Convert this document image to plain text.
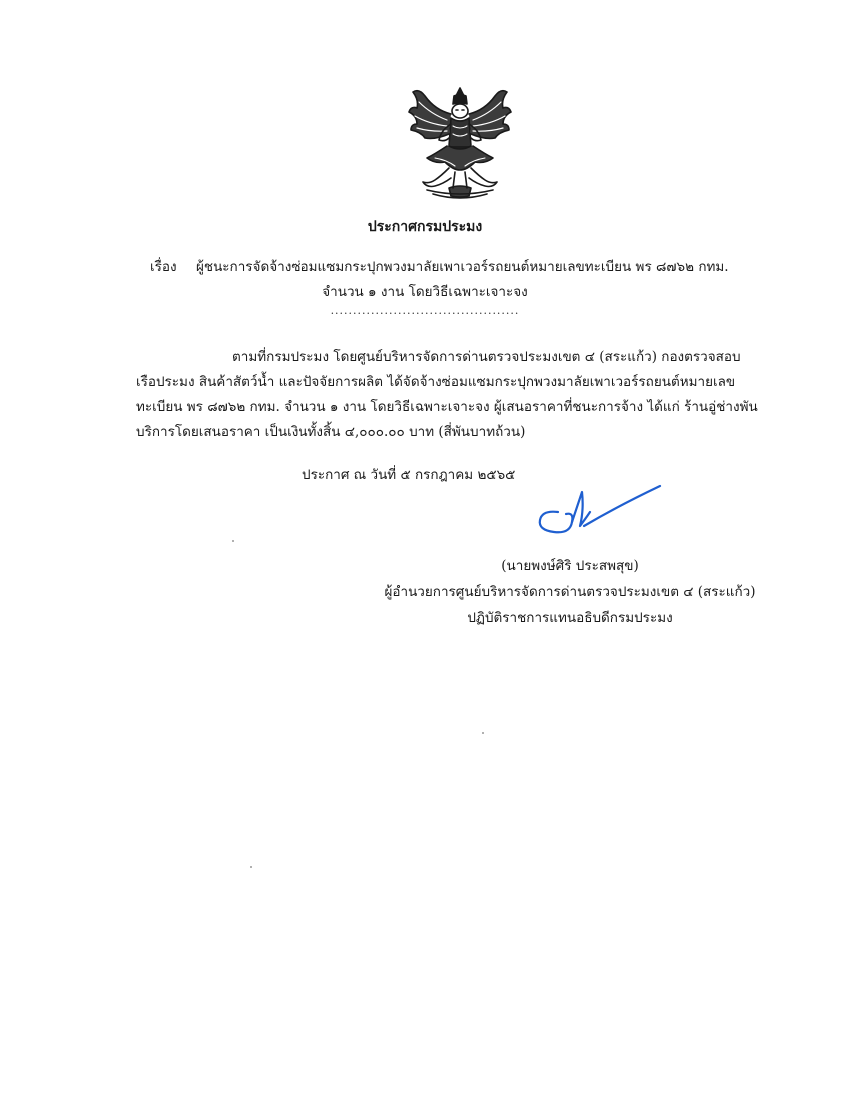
ประกาศกรมประมง
เรื่อง ผู้ชนะการจัดจ้างซ่อมแซมกระปุกพวงมาลัยเพาเวอร์รถยนต์หมายเลขทะเบียน พร ๘๗๖๒ กทม.
จำนวน ๑ งาน โดยวิธีเฉพาะเจาะจง
..........................................
ตามที่กรมประมง โดยศูนย์บริหารจัดการด่านตรวจประมงเขต ๔ (สระแก้ว) กองตรวจสอบ
เรือประมง สินค้าสัตว์น้ำ และปัจจัยการผลิต ได้จัดจ้างซ่อมแซมกระปุกพวงมาลัยเพาเวอร์รถยนต์หมายเลข
ทะเบียน พร ๘๗๖๒ กทม. จำนวน ๑ งาน โดยวิธีเฉพาะเจาะจง ผู้เสนอราคาที่ชนะการจ้าง ได้แก่ ร้านอู่ช่างพัน
บริการโดยเสนอราคา เป็นเงินทั้งสิ้น ๔,๐๐๐.๐๐ บาท (สี่พันบาทถ้วน)
ประกาศ ณ วันที่ ๕ กรกฎาคม ๒๕๖๕
(นายพงษ์ศิริ ประสพสุข)
ผู้อำนวยการศูนย์บริหารจัดการด่านตรวจประมงเขต ๔ (สระแก้ว)
ปฏิบัติราชการแทนอธิบดีกรมประมง
